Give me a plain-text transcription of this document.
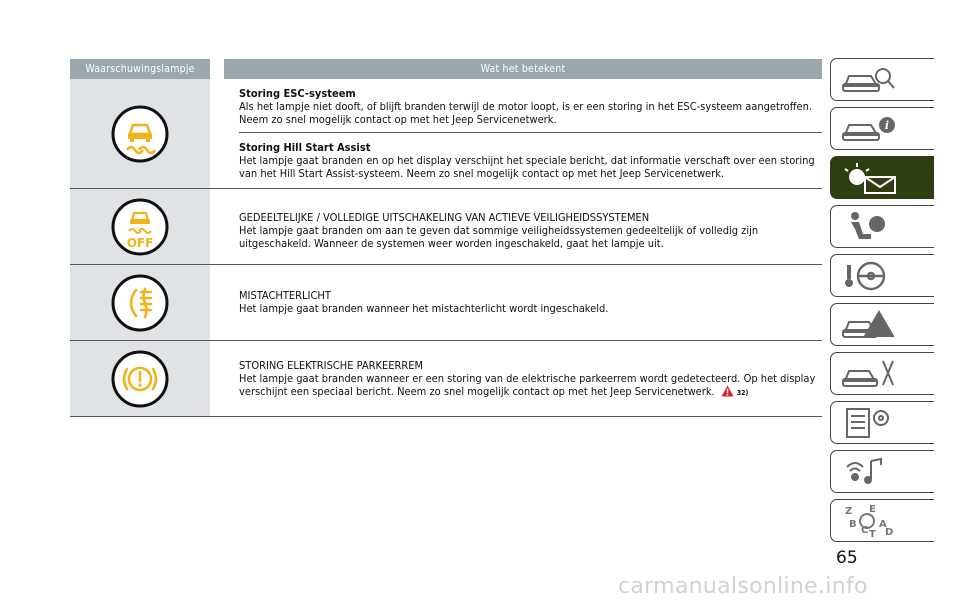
Waarschuwingslampje	Wat het betekent
Storing ESC-systeem
Als het lampje niet dooft, of blijft branden terwijl de motor loopt, is er een storing in het ESC-systeem aangetroffen. Neem zo snel mogelijk contact op met het Jeep Servicenetwerk.
Storing Hill Start Assist
Het lampje gaat branden en op het display verschijnt het speciale bericht, dat informatie verschaft over een storing van het Hill Start Assist-systeem. Neem zo snel mogelijk contact op met het Jeep Servicenetwerk.
OFF
GEDEELTELIJKE / VOLLEDIGE UITSCHAKELING VAN ACTIEVE VEILIGHEIDSSYSTEMEN
Het lampje gaat branden om aan te geven dat sommige veiligheidssystemen gedeeltelijk of volledig zijn uitgeschakeld. Wanneer de systemen weer worden ingeschakeld, gaat het lampje uit.
MISTACHTERLICHT
Het lampje gaat branden wanneer het mistachterlicht wordt ingeschakeld.
STORING ELEKTRISCHE PARKEERREM
Het lampje gaat branden wanneer er een storing van de elektrische parkeerrem wordt gedetecteerd. Op het display verschijnt een speciaal bericht. Neem zo snel mogelijk contact op met het Jeep Servicenetwerk.	32)
i
Z E
B A
C D
T
65
carmanualsonline.info
